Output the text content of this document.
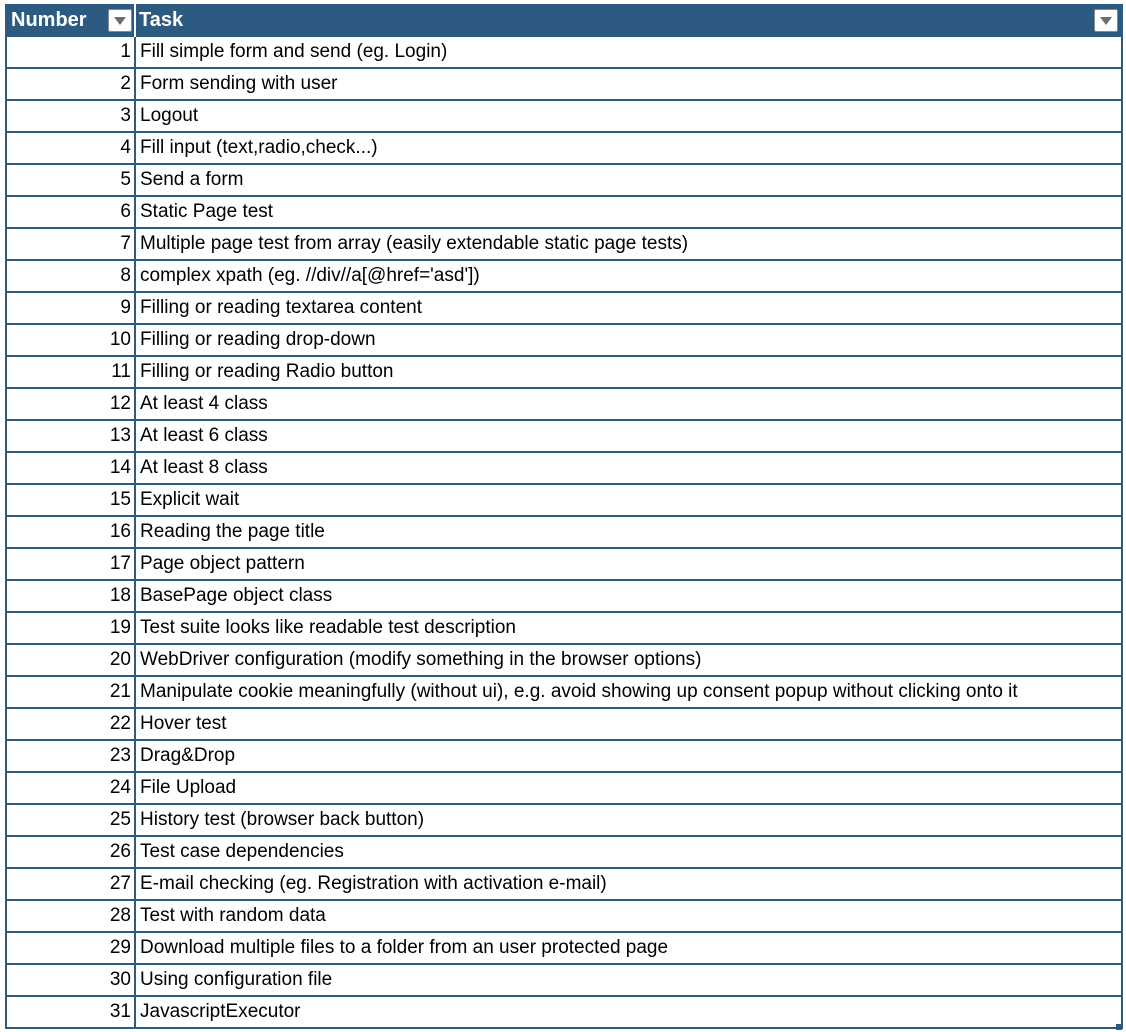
Number	Task
1 Fill simple form and send (eg. Login)
2 Form sending with user
3 Logout
4 Fill input (text,radio,check...)
5 Send a form
6 Static Page test
7 Multiple page test from array (easily extendable static page tests)
8 complex xpath (eg. //div//a[@href='asd'])
9 Filling or reading textarea content
10 Filling or reading drop-down
11 Filling or reading Radio button
12 At least 4 class
13 At least 6 class
14 At least 8 class
15 Explicit wait
16 Reading the page title
17 Page object pattern
18 BasePage object class
19 Test suite looks like readable test description
20 WebDriver configuration (modify something in the browser options)
21 Manipulate cookie meaningfully (without ui), e.g. avoid showing up consent popup without clicking onto it
22 Hover test
23 Drag&Drop
24 File Upload
25 History test (browser back button)
26 Test case dependencies
27 E-mail checking (eg. Registration with activation e-mail)
28 Test with random data
29 Download multiple files to a folder from an user protected page
30 Using configuration file
31 JavascriptExecutor
